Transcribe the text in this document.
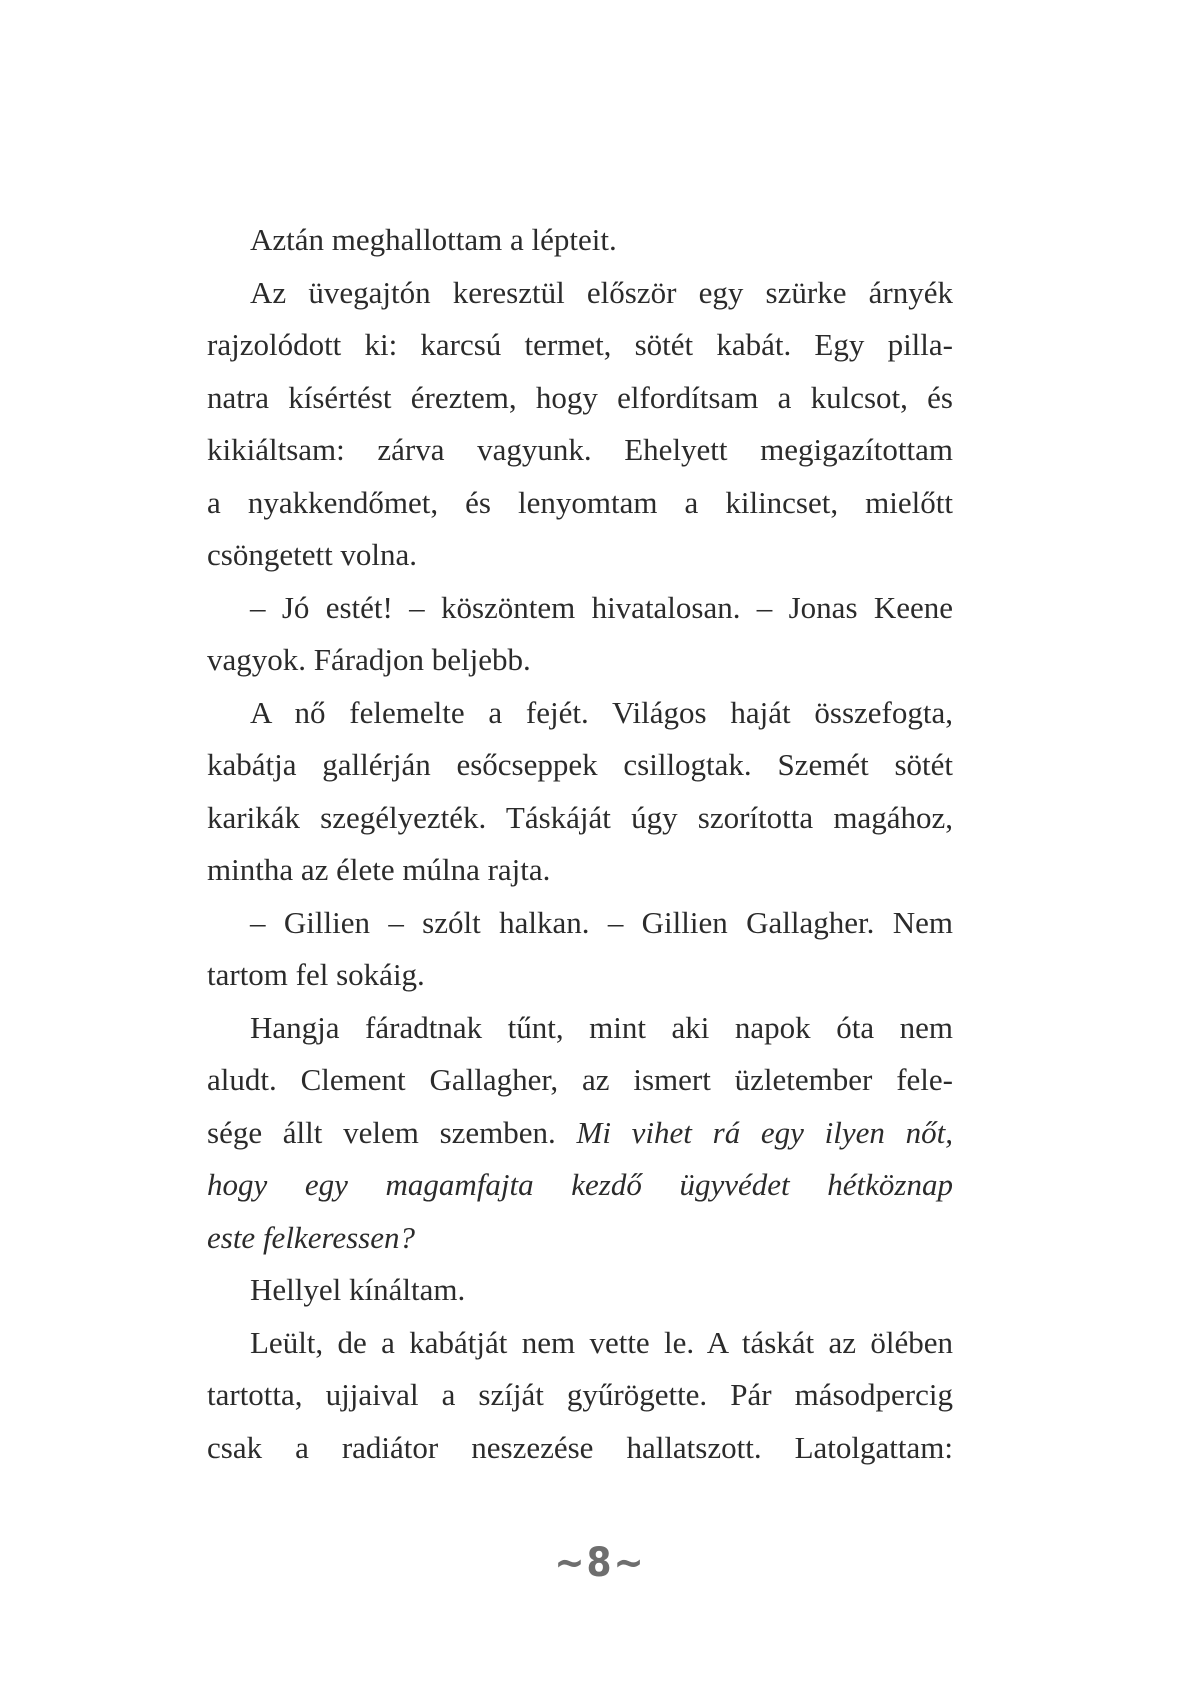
Aztán meghallottam a lépteit.
Az üvegajtón keresztül először egy szürke árnyék
rajzolódott ki: karcsú termet, sötét kabát. Egy pilla-
natra kísértést éreztem, hogy elfordítsam a kulcsot, és
kikiáltsam: zárva vagyunk. Ehelyett megigazítottam
a nyakkendőmet, és lenyomtam a kilincset, mielőtt
csöngetett volna.
– Jó estét! – köszöntem hivatalosan. – Jonas Keene
vagyok. Fáradjon beljebb.
A nő felemelte a fejét. Világos haját összefogta,
kabátja gallérján esőcseppek csillogtak. Szemét sötét
karikák szegélyezték. Táskáját úgy szorította magához,
mintha az élete múlna rajta.
– Gillien – szólt halkan. – Gillien Gallagher. Nem
tartom fel sokáig.
Hangja fáradtnak tűnt, mint aki napok óta nem
aludt. Clement Gallagher, az ismert üzletember fele-
sége állt velem szemben. Mi vihet rá egy ilyen nőt,
hogy egy magamfajta kezdő ügyvédet hétköznap
este felkeressen?
Hellyel kínáltam.
Leült, de a kabátját nem vette le. A táskát az ölében
tartotta, ujjaival a szíját gyűrögette. Pár másodpercig
csak a radiátor neszezése hallatszott. Latolgattam:
~8~
